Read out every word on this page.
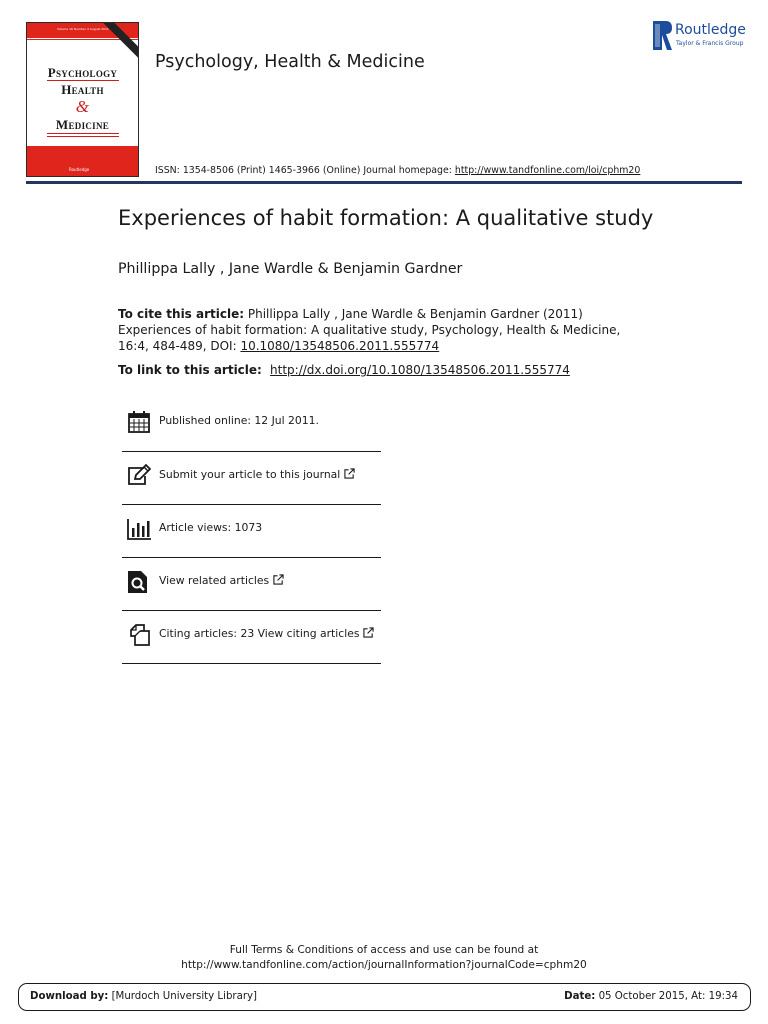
Volume 16 Number 4 August 2011
Psychology
Health
&
Medicine
Routledge
Psychology, Health & Medicine
Routledge
Taylor & Francis Group
ISSN: 1354-8506 (Print) 1465-3966 (Online) Journal homepage: http://www.tandfonline.com/loi/cphm20
Experiences of habit formation: A qualitative study
Phillippa Lally , Jane Wardle & Benjamin Gardner
To cite this article: Phillippa Lally , Jane Wardle & Benjamin Gardner (2011) Experiences of habit formation: A qualitative study, Psychology, Health & Medicine, 16:4, 484-489, DOI: 10.1080/13548506.2011.555774
To link to this article: http://dx.doi.org/10.1080/13548506.2011.555774
Published online: 12 Jul 2011.
Submit your article to this journal
Article views: 1073
View related articles
Citing articles: 23 View citing articles
Full Terms & Conditions of access and use can be found at
http://www.tandfonline.com/action/journalInformation?journalCode=cphm20
Download by: [Murdoch University Library]	Date: 05 October 2015, At: 19:34
